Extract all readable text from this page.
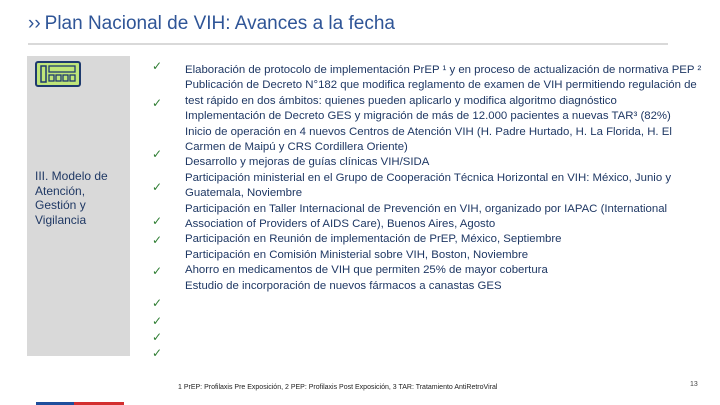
›› Plan Nacional de VIH: Avances a la fecha
III. Modelo de Atención, Gestión y Vigilancia
✓
✓
✓
✓
✓
✓
✓
✓
✓
✓
✓

Elaboración de protocolo de implementación PrEP ¹ y en proceso de actualización de normativa PEP ²

Publicación de Decreto N°182 que modifica reglamento de examen de VIH permitiendo regulación de test rápido en dos ámbitos: quienes pueden aplicarlo y modifica algoritmo diagnóstico

Implementación de Decreto GES y migración de más de 12.000 pacientes a nuevas TAR³ (82%)

Inicio de operación en 4 nuevos Centros de Atención VIH (H. Padre Hurtado, H. La Florida, H. El Carmen de Maipú y CRS Cordillera Oriente)

Desarrollo y mejoras de guías clínicas VIH/SIDA

Participación ministerial en el Grupo de Cooperación Técnica Horizontal en VIH: México, Junio y Guatemala, Noviembre

Participación en Taller Internacional de Prevención en VIH, organizado por IAPAC (International Association of Providers of AIDS Care), Buenos Aires, Agosto

Participación en Reunión de implementación de PrEP, México, Septiembre

Participación en Comisión Ministerial sobre VIH, Boston, Noviembre

Ahorro en medicamentos de VIH que permiten 25% de mayor cobertura

Estudio de incorporación de nuevos fármacos a canastas GES

1 PrEP: Profilaxis Pre Exposición, 2 PEP: Profilaxis Post Exposición, 3 TAR: Tratamiento AntiRetroViral	13
